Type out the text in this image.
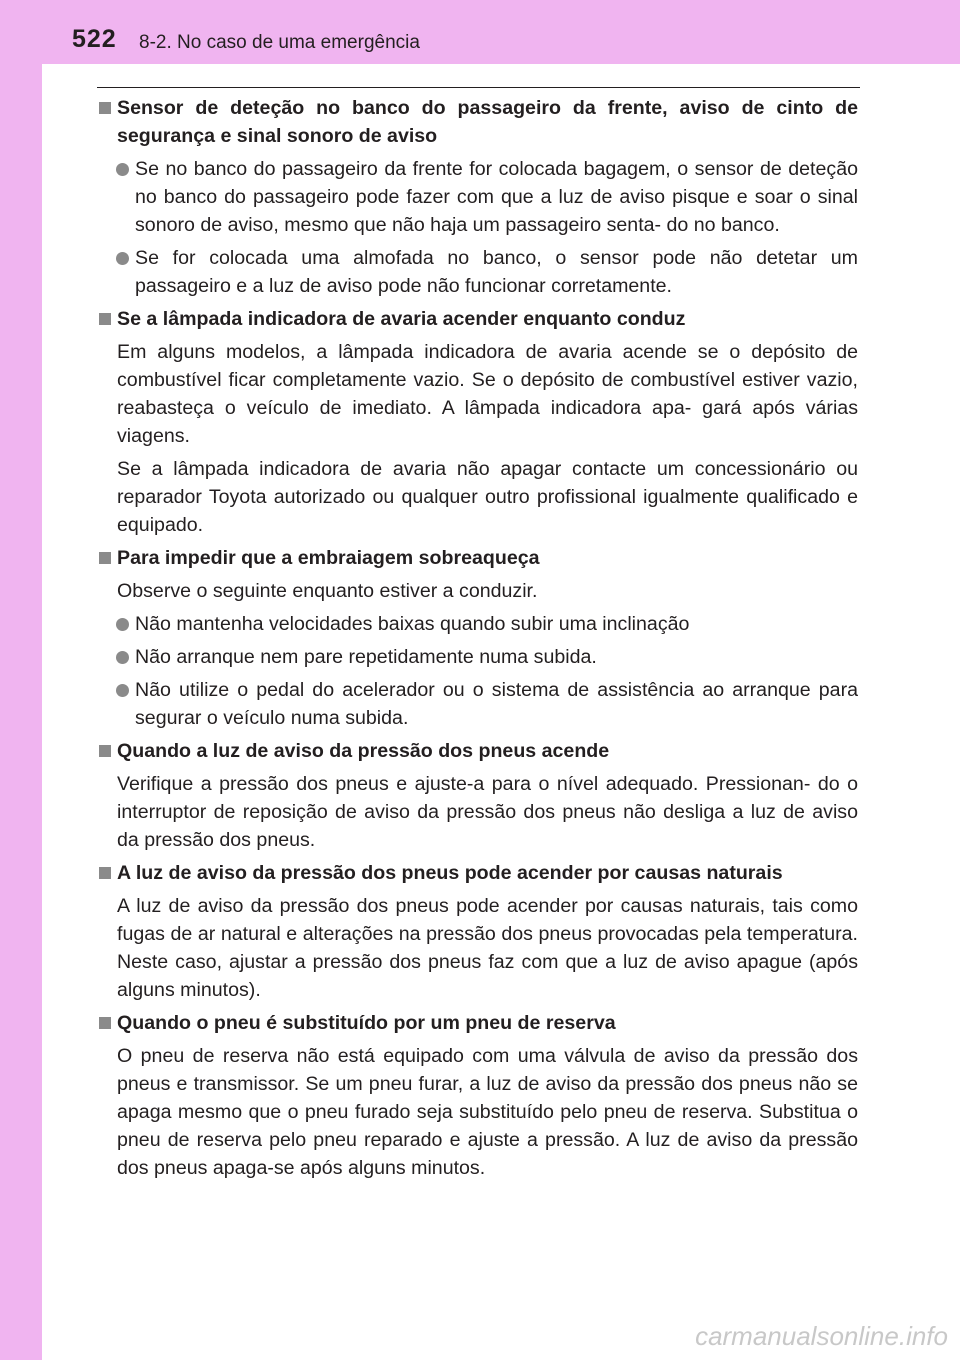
522 8-2. No caso de uma emergência
Sensor de deteção no banco do passageiro da frente, aviso de cinto de segurança e sinal sonoro de aviso
Se no banco do passageiro da frente for colocada bagagem, o sensor de deteção no banco do passageiro pode fazer com que a luz de aviso pisque e soar o sinal sonoro de aviso, mesmo que não haja um passageiro senta- do no banco.
Se for colocada uma almofada no banco, o sensor pode não detetar um passageiro e a luz de aviso pode não funcionar corretamente.
Se a lâmpada indicadora de avaria acender enquanto conduz
Em alguns modelos, a lâmpada indicadora de avaria acende se o depósito de combustível ficar completamente vazio. Se o depósito de combustível estiver vazio, reabasteça o veículo de imediato. A lâmpada indicadora apa- gará após várias viagens.
Se a lâmpada indicadora de avaria não apagar contacte um concessionário ou reparador Toyota autorizado ou qualquer outro profissional igualmente qualificado e equipado.
Para impedir que a embraiagem sobreaqueça
Observe o seguinte enquanto estiver a conduzir.
Não mantenha velocidades baixas quando subir uma inclinação
Não arranque nem pare repetidamente numa subida.
Não utilize o pedal do acelerador ou o sistema de assistência ao arranque para segurar o veículo numa subida.
Quando a luz de aviso da pressão dos pneus acende
Verifique a pressão dos pneus e ajuste-a para o nível adequado. Pressionan- do o interruptor de reposição de aviso da pressão dos pneus não desliga a luz de aviso da pressão dos pneus.
A luz de aviso da pressão dos pneus pode acender por causas naturais
A luz de aviso da pressão dos pneus pode acender por causas naturais, tais como fugas de ar natural e alterações na pressão dos pneus provocadas pela temperatura. Neste caso, ajustar a pressão dos pneus faz com que a luz de aviso apague (após alguns minutos).
Quando o pneu é substituído por um pneu de reserva
O pneu de reserva não está equipado com uma válvula de aviso da pressão dos pneus e transmissor. Se um pneu furar, a luz de aviso da pressão dos pneus não se apaga mesmo que o pneu furado seja substituído pelo pneu de reserva. Substitua o pneu de reserva pelo pneu reparado e ajuste a pressão. A luz de aviso da pressão dos pneus apaga-se após alguns minutos.
carmanualsonline.info
